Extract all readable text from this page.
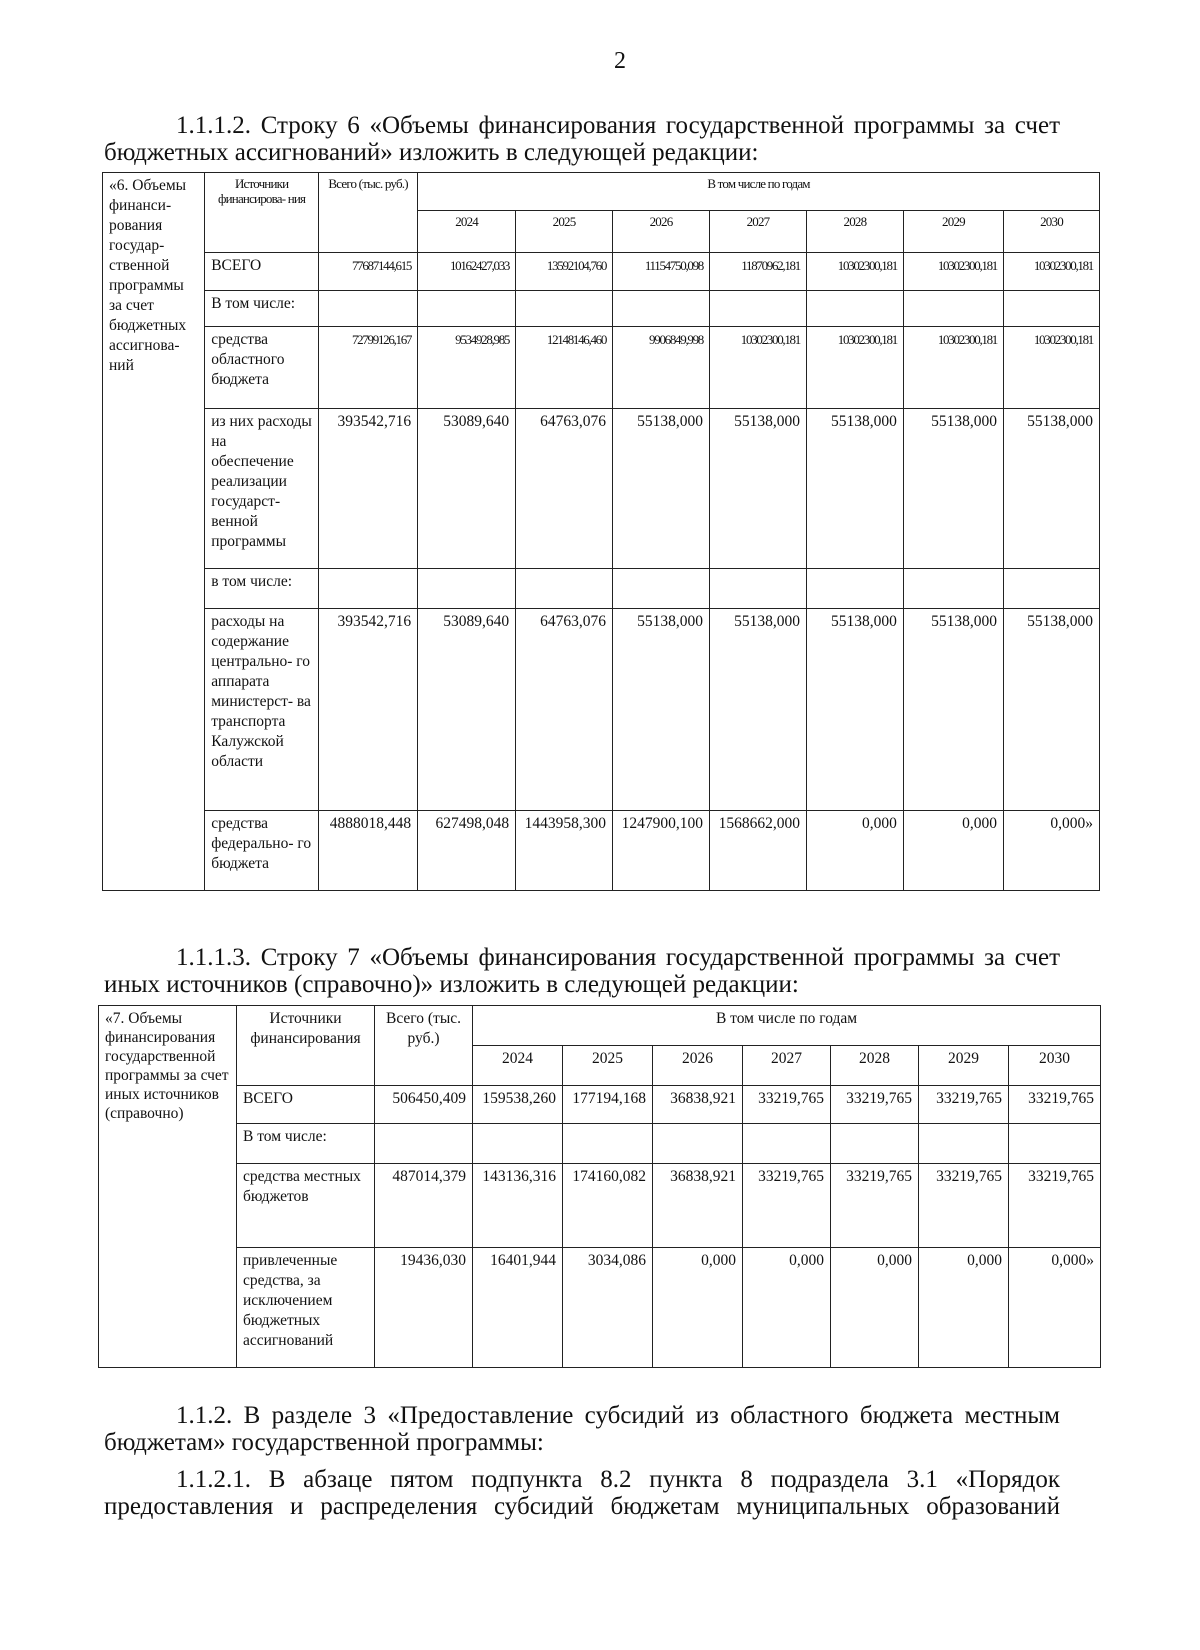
2
1.1.1.2. Строку 6 «Объемы финансирования государственной программы за счет
бюджетных ассигнований» изложить в следующей редакции:
«6. Объемы финанси- рования государ- ственной программы за счет бюджетных ассигнова- ний	Источники финансирова- ния	Всего (тыс. руб.)	В том числе по годам						
			2024	2025	2026	2027	2028	2029	2030
	ВСЕГО	77687144,615	10162427,033	13592104,760	11154750,098	11870962,181	10302300,181	10302300,181	10302300,181
	В том числе:								
	средства областного бюджета	72799126,167	9534928,985	12148146,460	9906849,998	10302300,181	10302300,181	10302300,181	10302300,181
	из них расходы на обеспечение реализации государст- венной программы	393542,716	53089,640	64763,076	55138,000	55138,000	55138,000	55138,000	55138,000
	в том числе:								
	расходы на содержание центрально- го аппарата министерст- ва транспорта Калужской области	393542,716	53089,640	64763,076	55138,000	55138,000	55138,000	55138,000	55138,000
	средства федерально- го бюджета	4888018,448	627498,048	1443958,300	1247900,100	1568662,000	0,000	0,000	0,000»
1.1.1.3. Строку 7 «Объемы финансирования государственной программы за счет
иных источников (справочно)» изложить в следующей редакции:
«7. Объемы финансирования государственной программы за счет иных источников (справочно)	Источники финансирования	Всего (тыс. руб.)	В том числе по годам						
			2024	2025	2026	2027	2028	2029	2030
	ВСЕГО	506450,409	159538,260	177194,168	36838,921	33219,765	33219,765	33219,765	33219,765
	В том числе:								
	средства местных бюджетов	487014,379	143136,316	174160,082	36838,921	33219,765	33219,765	33219,765	33219,765
	привлеченные средства, за исключением бюджетных ассигнований	19436,030	16401,944	3034,086	0,000	0,000	0,000	0,000	0,000»
1.1.2. В разделе 3 «Предоставление субсидий из областного бюджета местным
бюджетам» государственной программы:
1.1.2.1. В абзаце пятом подпункта 8.2 пункта 8 подраздела 3.1 «Порядок
предоставления и распределения субсидий бюджетам муниципальных образований
